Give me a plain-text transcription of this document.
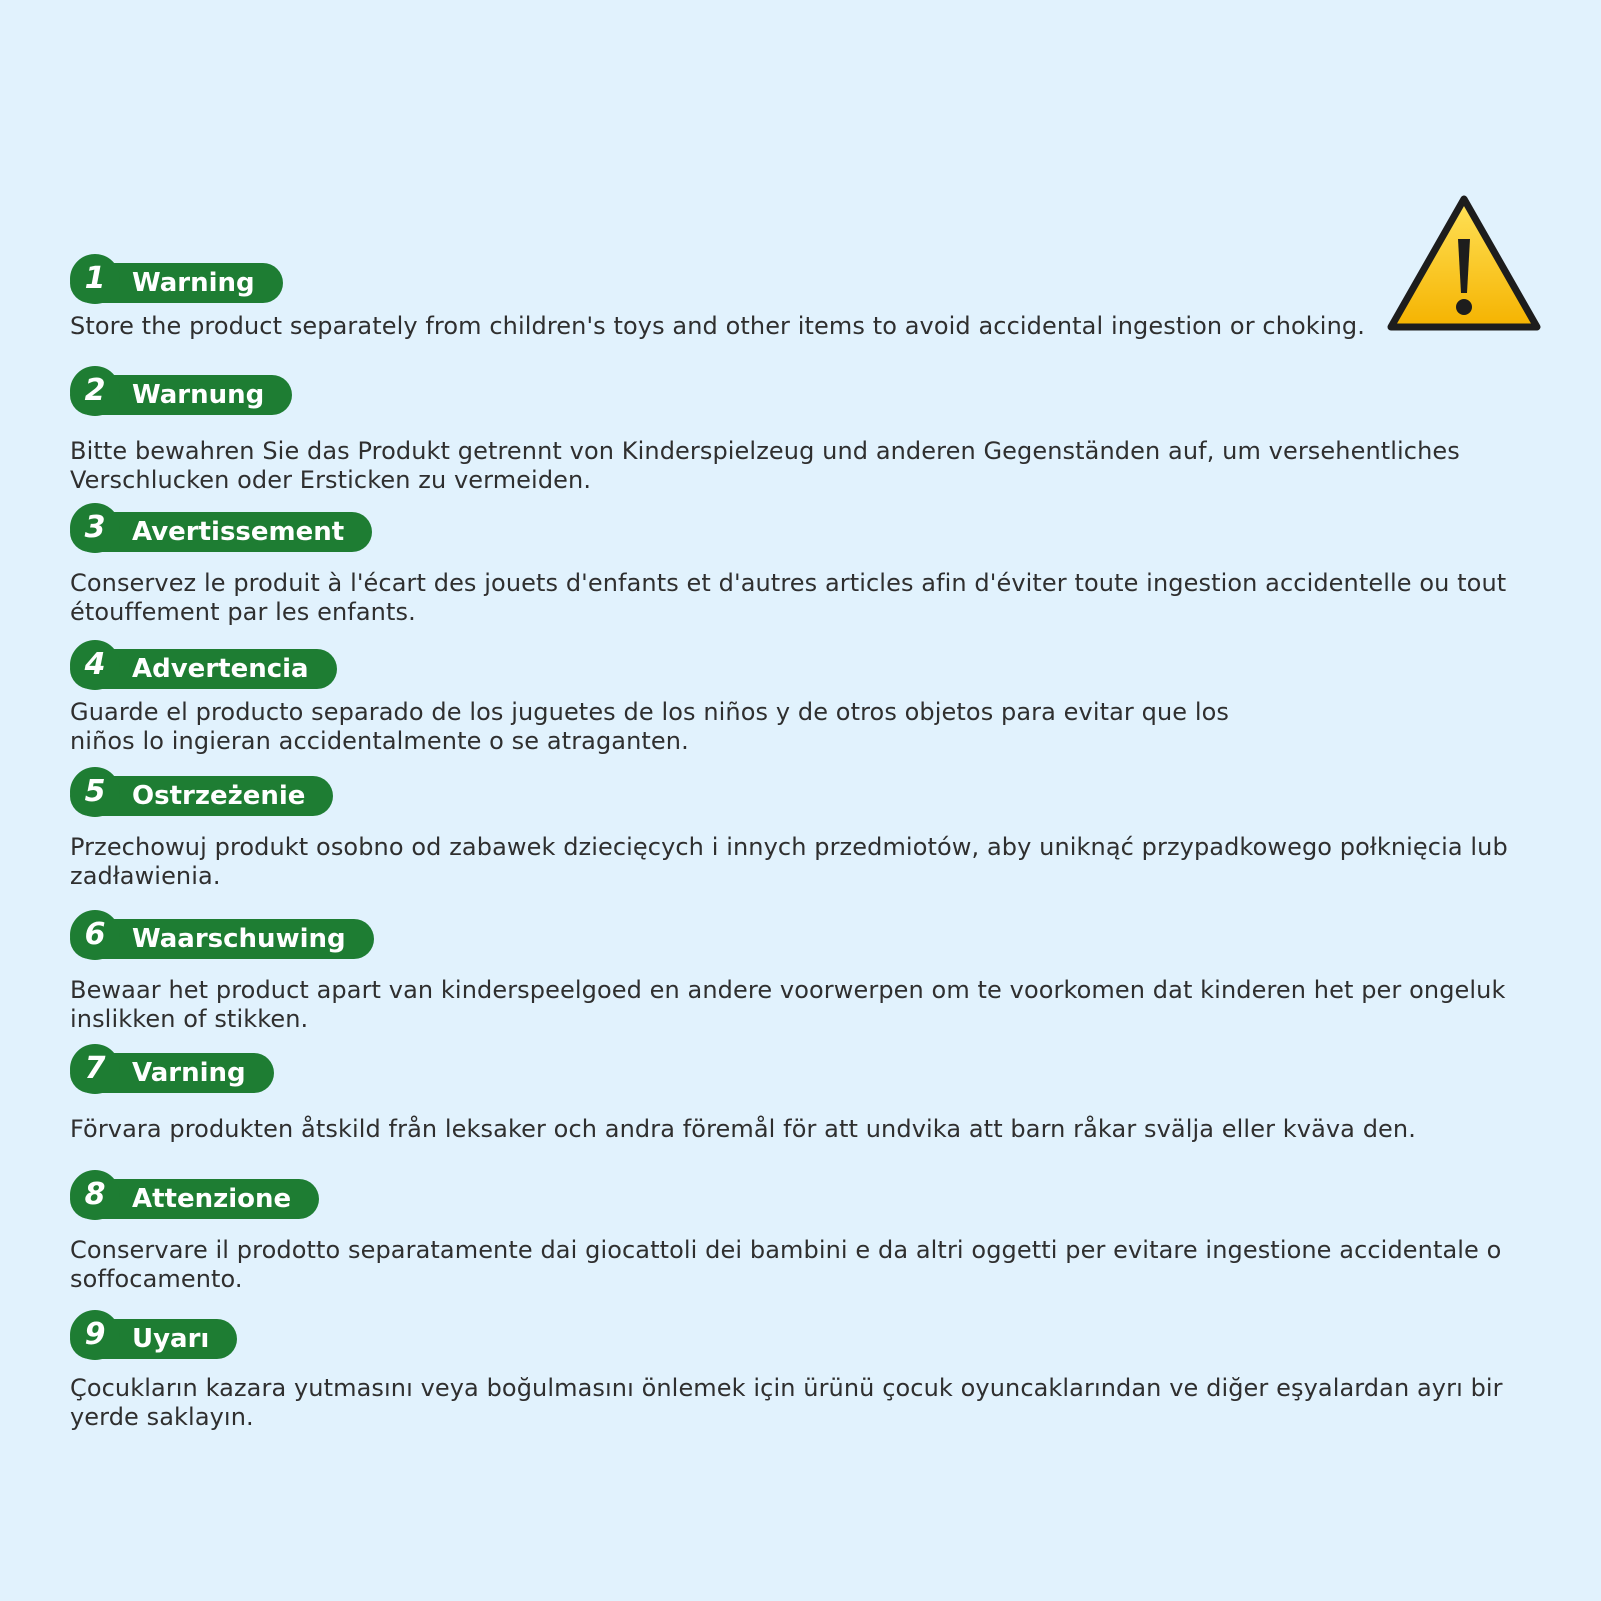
Warning
1
Store the product separately from children's toys and other items to avoid accidental ingestion or choking.
Warnung
2
Bitte bewahren Sie das Produkt getrennt von Kinderspielzeug und anderen Gegenständen auf, um versehentliches Verschlucken oder Ersticken zu vermeiden.
Avertissement
3
Conservez le produit à l'écart des jouets d'enfants et d'autres articles afin d'éviter toute ingestion accidentelle ou tout étouffement par les enfants.
Advertencia
4
Guarde el producto separado de los juguetes de los niños y de otros objetos para evitar que los niños lo ingieran accidentalmente o se atraganten.
Ostrzeżenie
5
Przechowuj produkt osobno od zabawek dziecięcych i innych przedmiotów, aby uniknąć przypadkowego połknięcia lub zadławienia.
Waarschuwing
6
Bewaar het product apart van kinderspeelgoed en andere voorwerpen om te voorkomen dat kinderen het per ongeluk inslikken of stikken.
Varning
7
Förvara produkten åtskild från leksaker och andra föremål för att undvika att barn råkar svälja eller kväva den.
Attenzione
8
Conservare il prodotto separatamente dai giocattoli dei bambini e da altri oggetti per evitare ingestione accidentale o soffocamento.
Uyarı
9
Çocukların kazara yutmasını veya boğulmasını önlemek için ürünü çocuk oyuncaklarından ve diğer eşyalardan ayrı bir yerde saklayın.
